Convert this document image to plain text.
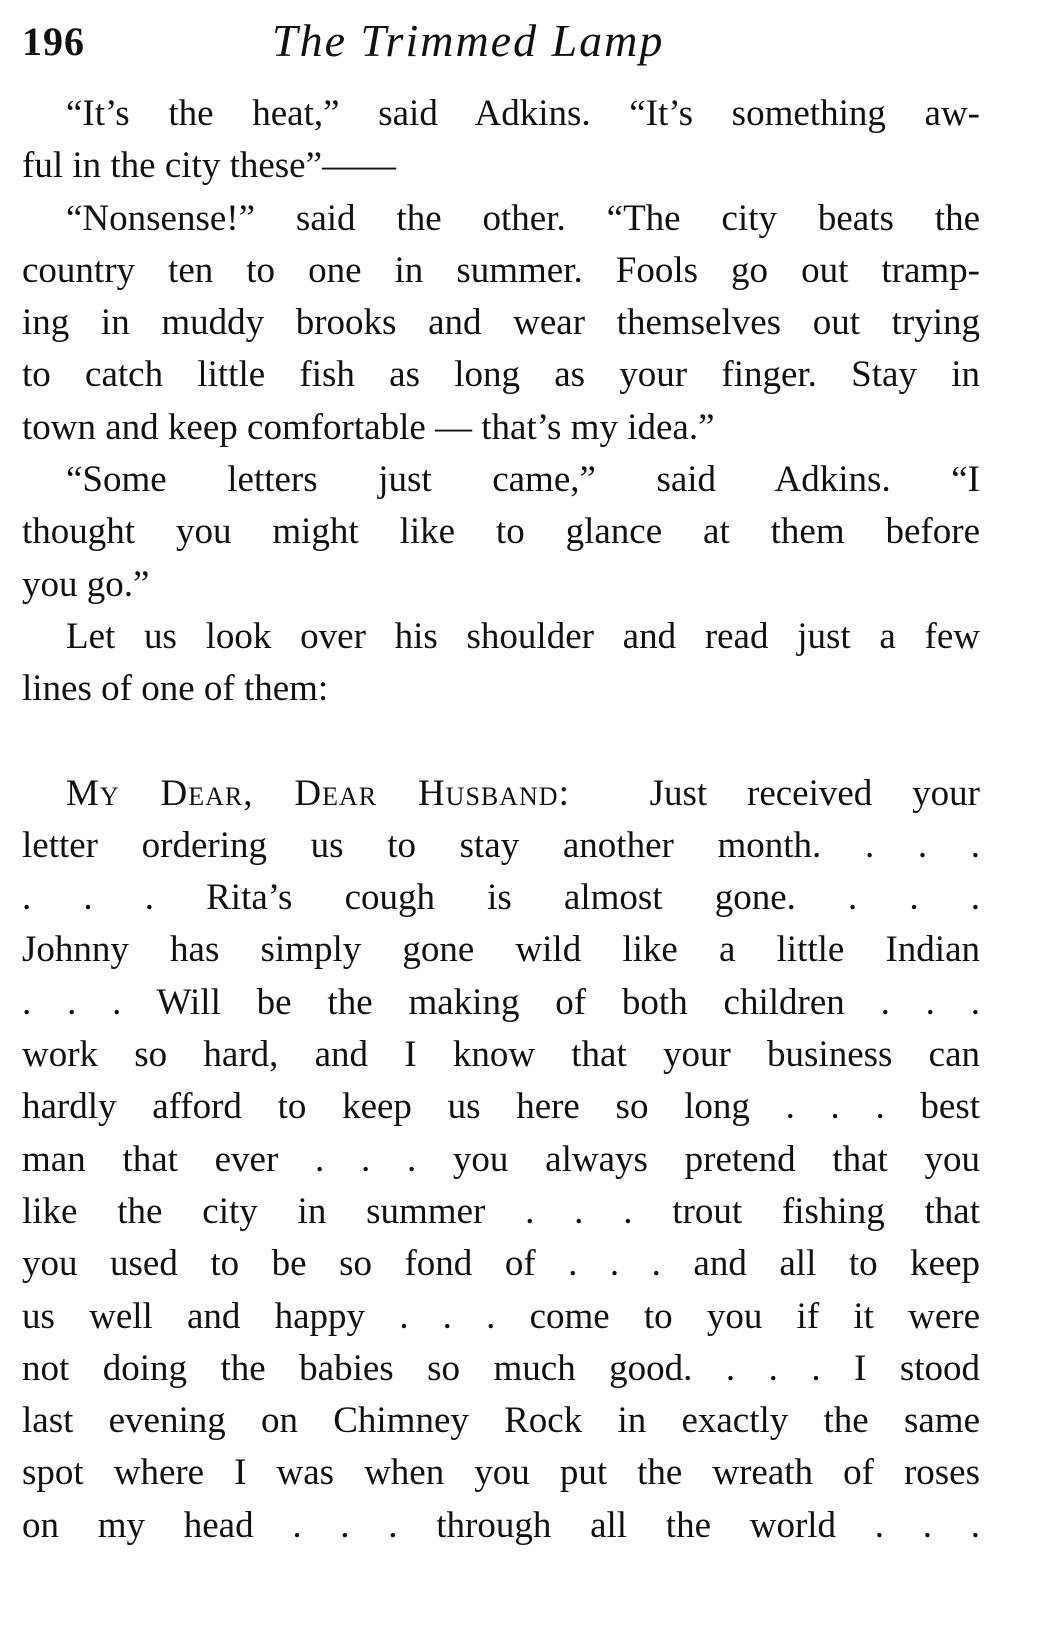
196	The Trimmed Lamp
“It’s the heat,” said Adkins. “It’s something aw-
ful in the city these”——
“Nonsense!” said the other. “The city beats the
country ten to one in summer. Fools go out tramp-
ing in muddy brooks and wear themselves out trying
to catch little fish as long as your finger. Stay in
town and keep comfortable — that’s my idea.”
“Some letters just came,” said Adkins. “I
thought you might like to glance at them before
you go.”
Let us look over his shoulder and read just a few
lines of one of them:
My Dear, Dear Husband: Just received your
letter ordering us to stay another month. . . .
. . . Rita’s cough is almost gone. . . .
Johnny has simply gone wild like a little Indian
. . . Will be the making of both children . . .
work so hard, and I know that your business can
hardly afford to keep us here so long . . . best
man that ever . . . you always pretend that you
like the city in summer . . . trout fishing that
you used to be so fond of . . . and all to keep
us well and happy . . . come to you if it were
not doing the babies so much good. . . . I stood
last evening on Chimney Rock in exactly the same
spot where I was when you put the wreath of roses
on my head . . . through all the world . . .
